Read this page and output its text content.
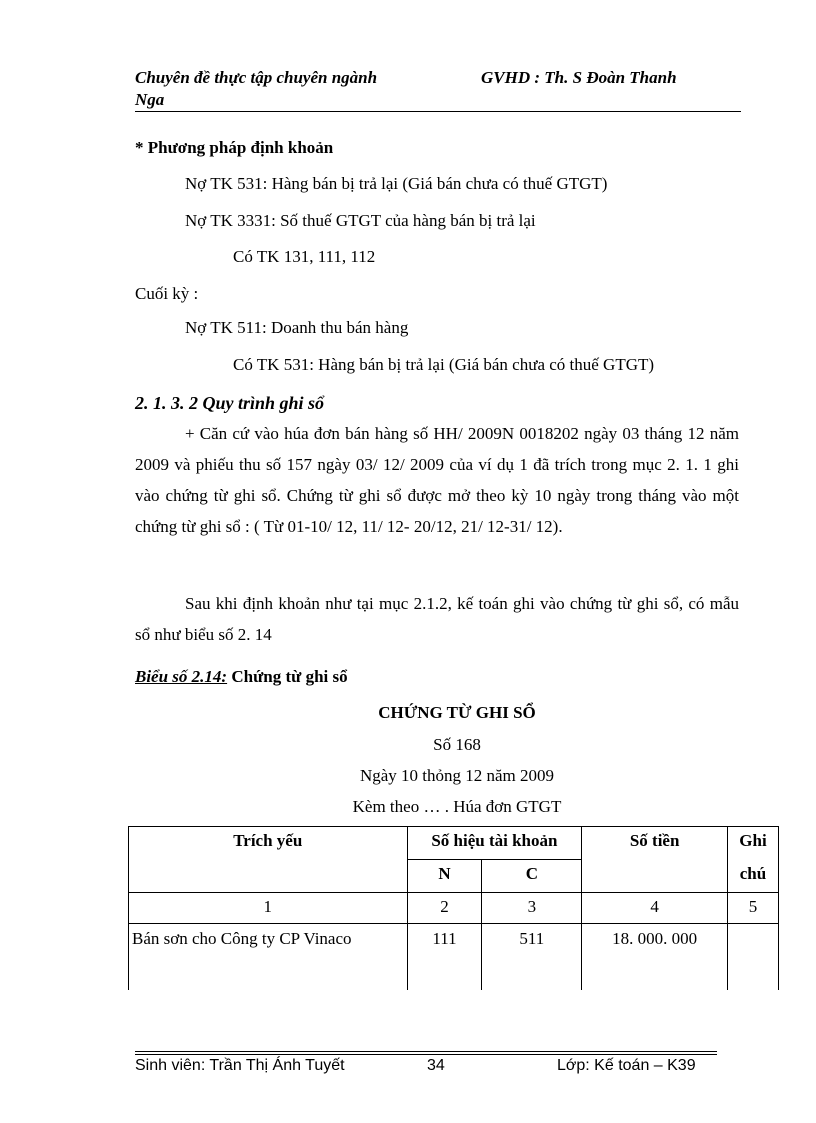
Chuyên đề thực tập chuyên ngành	GVHD : Th. S Đoàn Thanh
Nga
* Phương pháp định khoản
Nợ TK 531: Hàng bán bị trả lại (Giá bán chưa có thuế GTGT)
Nợ TK 3331: Số thuế GTGT của hàng bán bị trả lại
Có TK 131, 111, 112
Cuối kỳ :
Nợ TK 511: Doanh thu bán hàng
Có TK 531: Hàng bán bị trả lại (Giá bán chưa có thuế GTGT)
2. 1. 3. 2 Quy trình ghi sổ
+ Căn cứ vào húa đơn bán hàng số HH/ 2009N 0018202 ngày 03 tháng 12 năm 2009 và phiếu thu số 157 ngày 03/ 12/ 2009 của ví dụ 1 đã trích trong mục 2. 1. 1 ghi vào chứng từ ghi sổ. Chứng từ ghi sổ được mở theo kỳ 10 ngày trong tháng vào một chứng từ ghi sổ : ( Từ 01-10/ 12, 11/ 12- 20/12, 21/ 12-31/ 12).
Sau khi định khoản như tại mục 2.1.2, kế toán ghi vào chứng từ ghi sổ, có mẫu sổ như biểu số 2. 14
Biểu số 2.14: Chứng từ ghi sổ
CHỨNG TỪ GHI SỔ
Số 168
Ngày 10 thỏng 12 năm 2009
Kèm theo … . Húa đơn GTGT
Trích yếu	Số hiệu tài khoản		Số tiền	Ghi
	N	C		chú
1	2	3	4	5
Bán sơn cho Công ty CP Vinaco	111	511	18. 000. 000	
Sinh viên: Trần Thị Ánh Tuyết	34	Lớp: Kế toán – K39
